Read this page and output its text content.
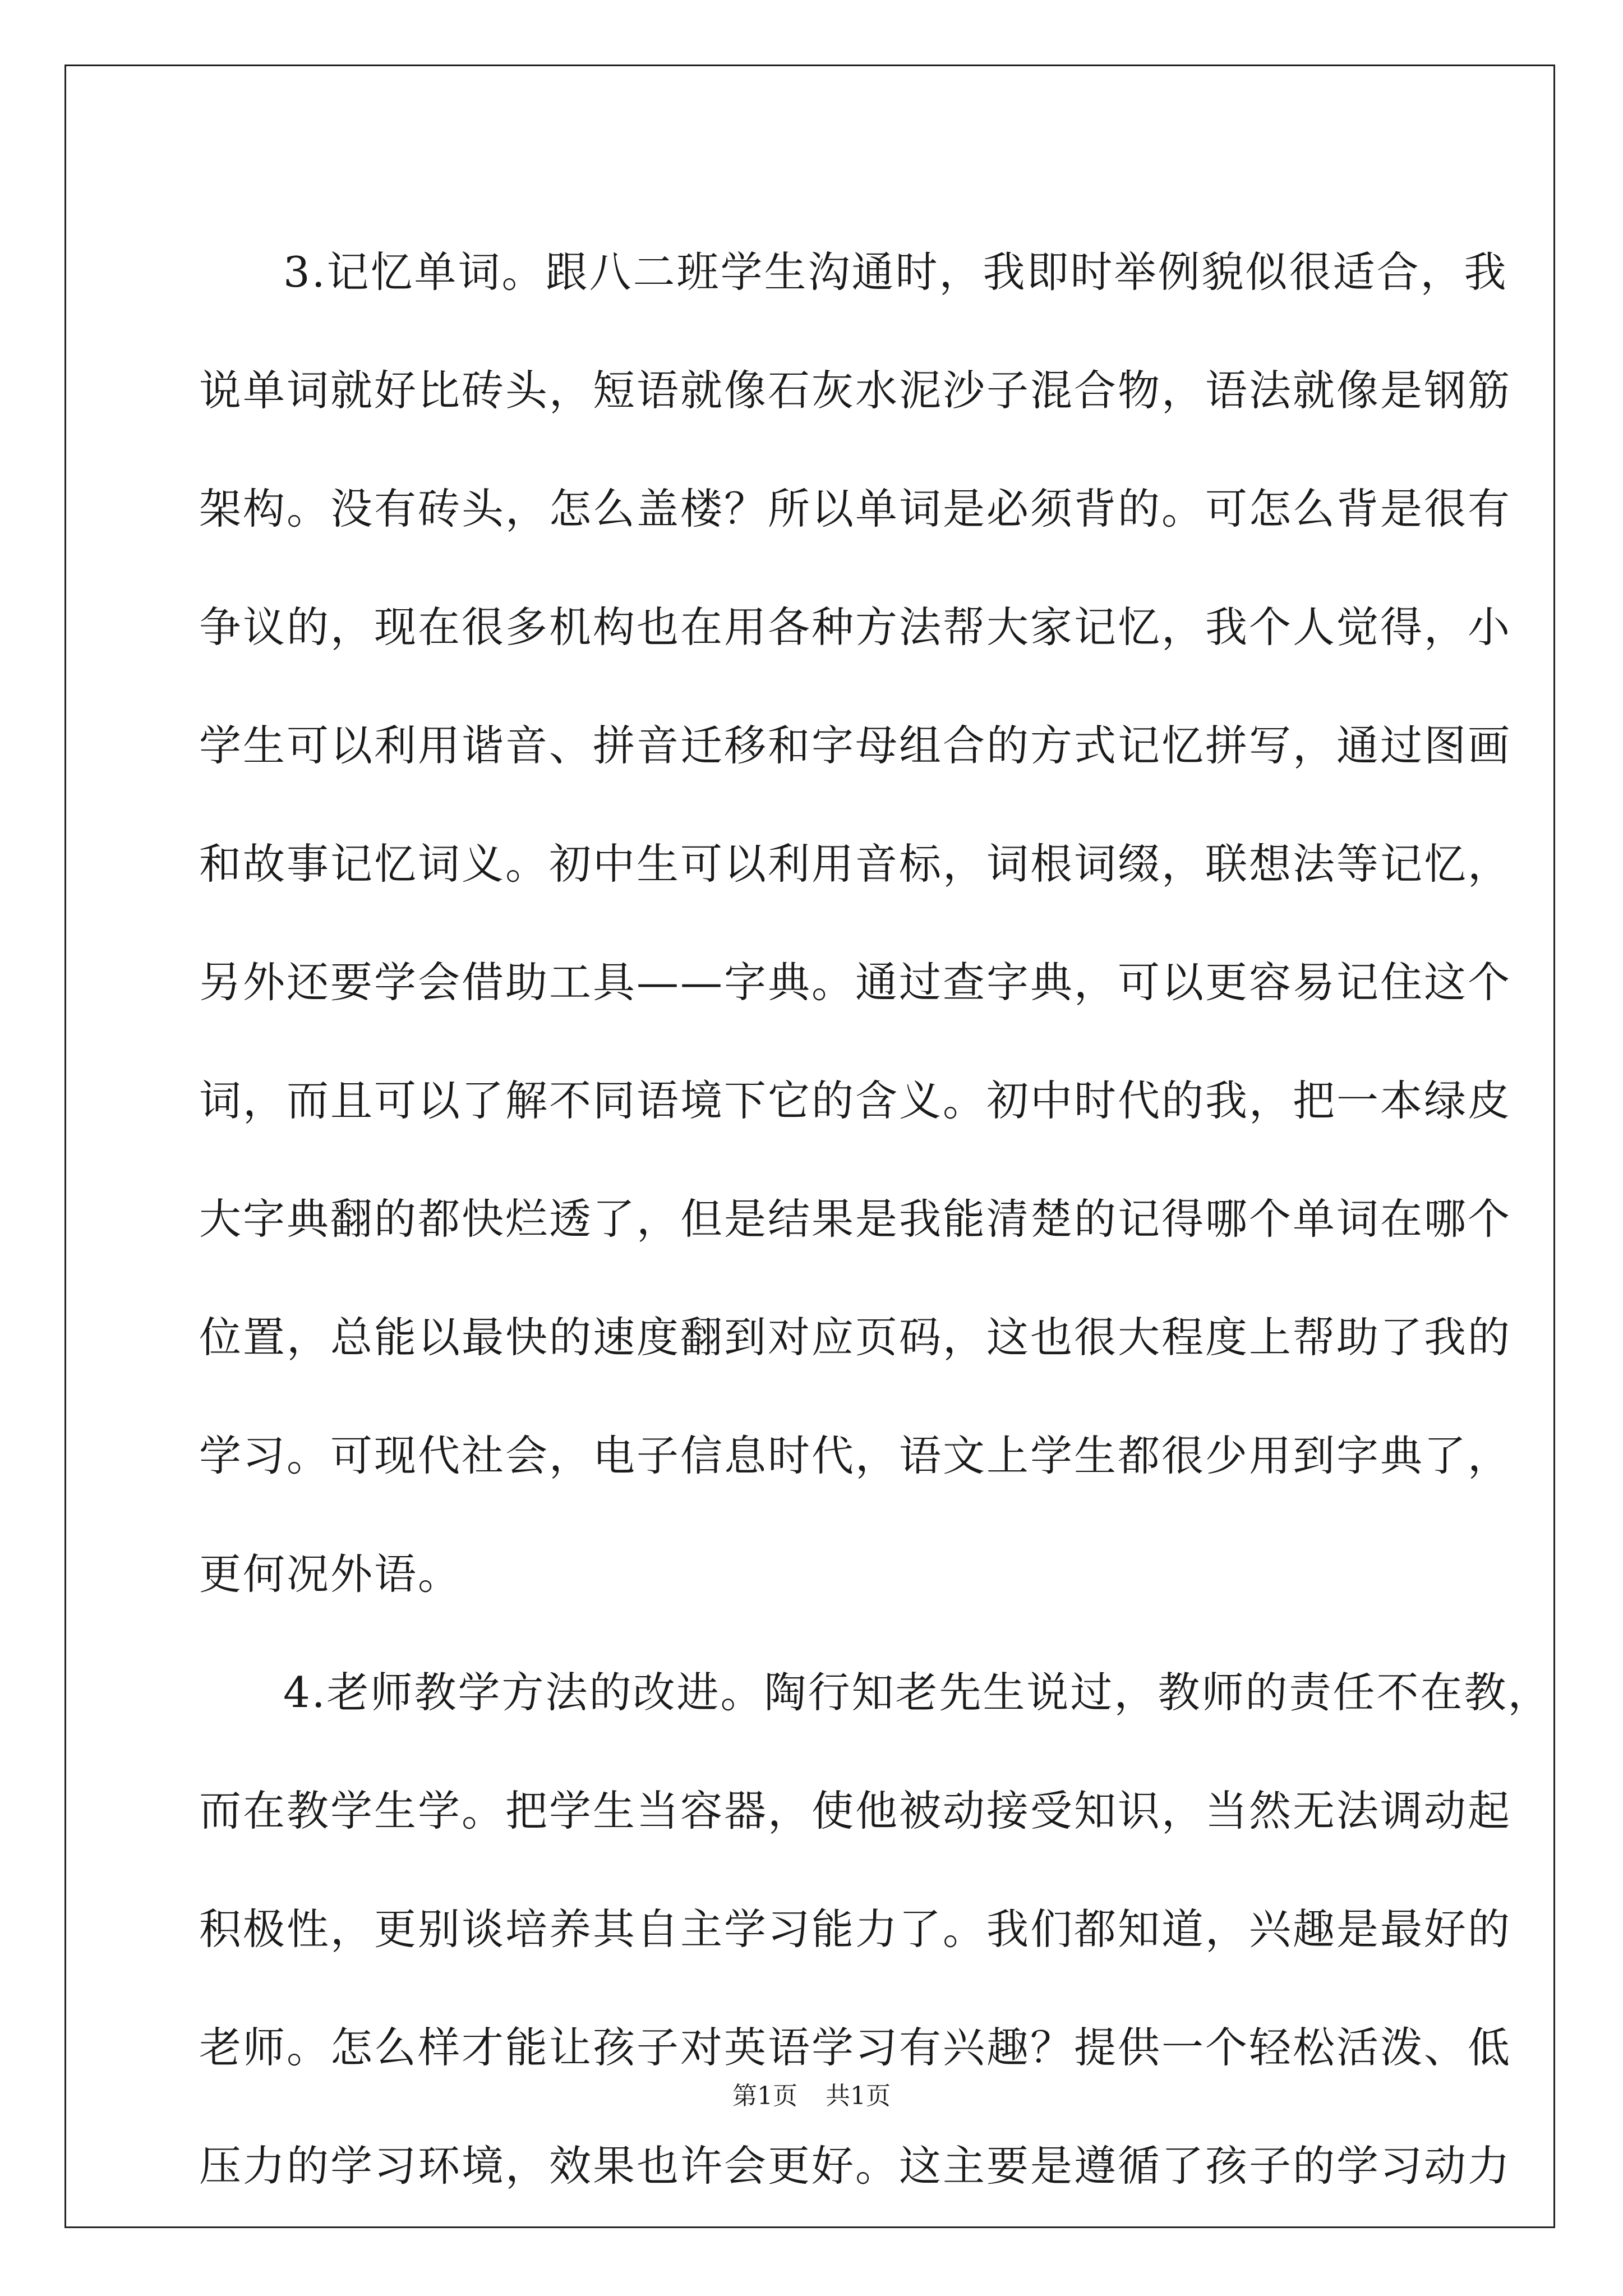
3.记忆单词。跟八二班学生沟通时，我即时举例貌似很适合，我
说单词就好比砖头，短语就像石灰水泥沙子混合物，语法就像是钢筋
架构。没有砖头，怎么盖楼？所以单词是必须背的。可怎么背是很有
争议的，现在很多机构也在用各种方法帮大家记忆，我个人觉得，小
学生可以利用谐音、拼音迁移和字母组合的方式记忆拼写，通过图画
和故事记忆词义。初中生可以利用音标，词根词缀，联想法等记忆，
另外还要学会借助工具——字典。通过查字典，可以更容易记住这个
词，而且可以了解不同语境下它的含义。初中时代的我，把一本绿皮
大字典翻的都快烂透了，但是结果是我能清楚的记得哪个单词在哪个
位置，总能以最快的速度翻到对应页码，这也很大程度上帮助了我的
学习。可现代社会，电子信息时代，语文上学生都很少用到字典了，
更何况外语。
4.老师教学方法的改进。陶行知老先生说过，教师的责任不在教，
而在教学生学。把学生当容器，使他被动接受知识，当然无法调动起
积极性，更别谈培养其自主学习能力了。我们都知道，兴趣是最好的
老师。怎么样才能让孩子对英语学习有兴趣？提供一个轻松活泼、低
压力的学习环境，效果也许会更好。这主要是遵循了孩子的学习动力
第1页 共1页
